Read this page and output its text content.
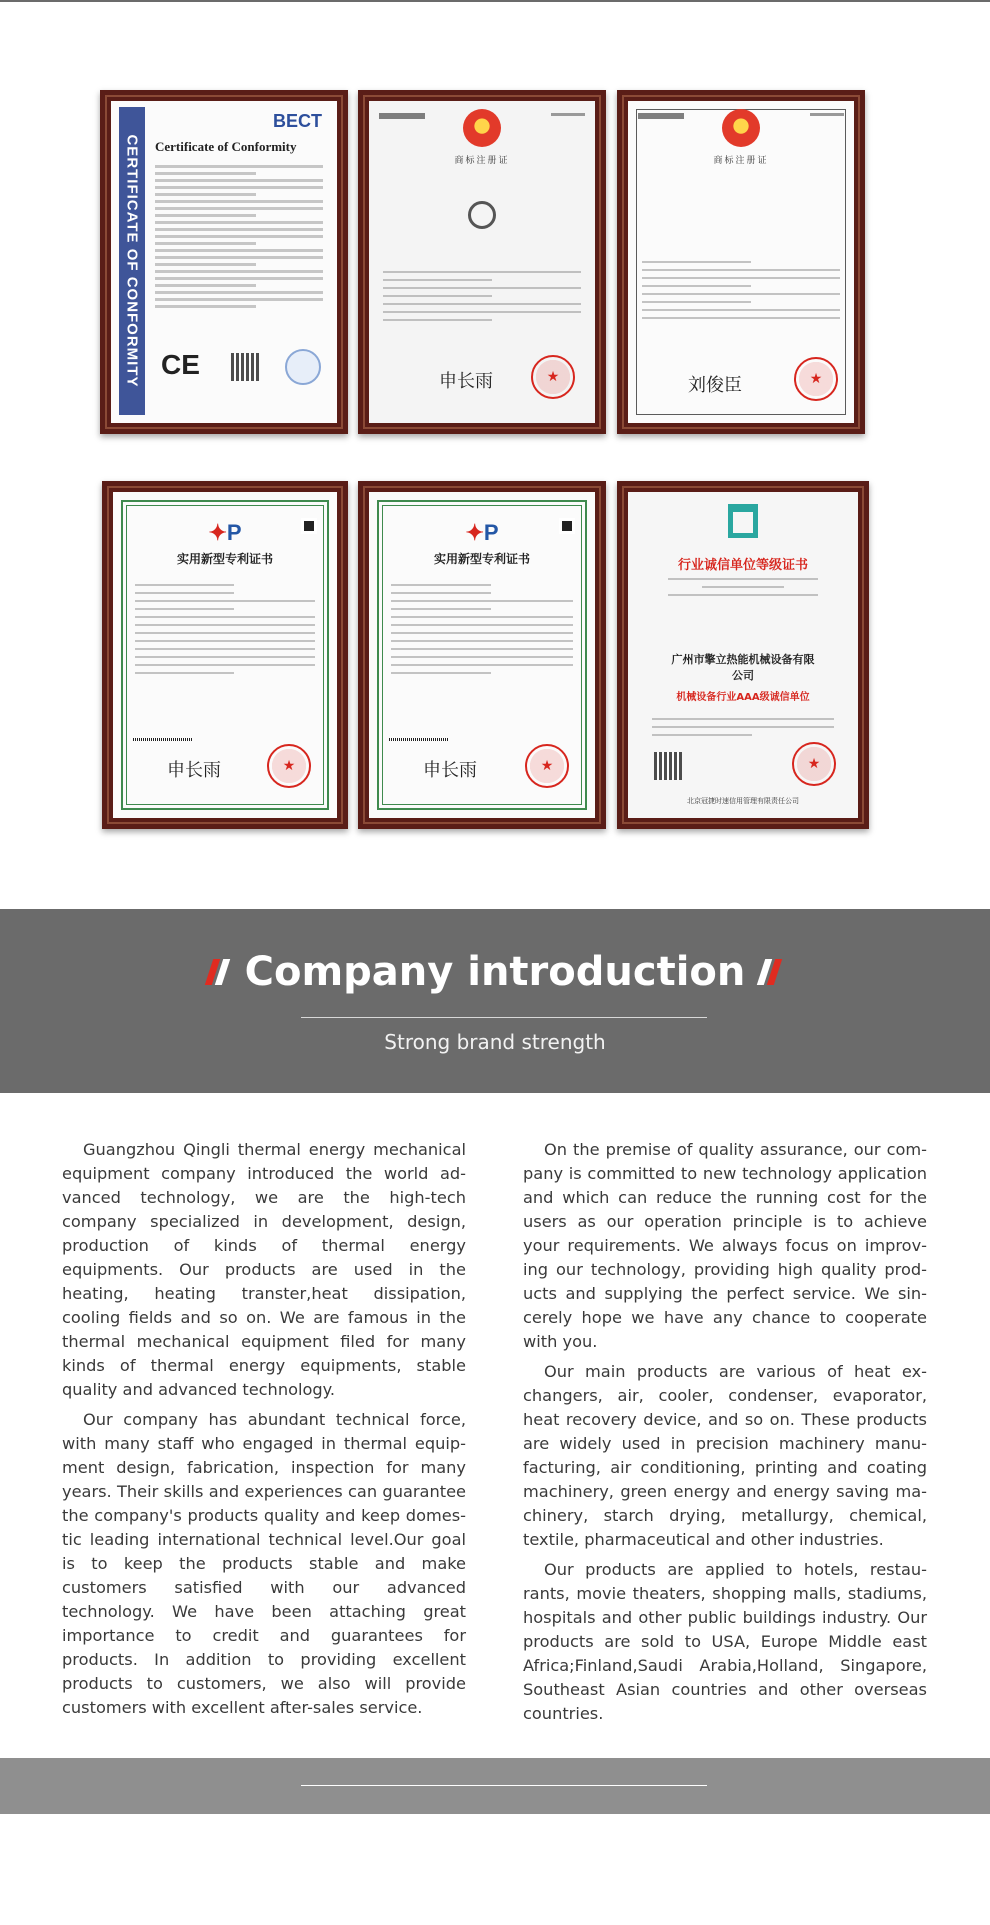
CERTIFICATE OF CONFORMITY
BECT
Certificate of Conformity
CE
商标注册证
申长雨
★
商标注册证
刘俊臣
★
✦P
实用新型专利证书
申长雨
★
✦P
实用新型专利证书
申长雨
★
行业诚信单位等级证书
广州市擎立热能机械设备有限公司
机械设备行业AAA级诚信单位
★
北京冠捷时速信用管理有限责任公司
Company introduction
Strong brand strength

Guangzhou Qingli thermal energy mechanical equipment company introduced the world advanced technology, we are the high-tech company specialized in development, design, production of kinds of thermal energy equipments. Our products are used in the heating, heating transter,heat dissipation, cooling fields and so on. We are famous in the thermal mechanical equipment filed for many kinds of thermal energy equipments, stable quality and advanced technology.

Our company has abundant technical force, with many staff who engaged in thermal equipment design, fabrication, inspection for many years. Their skills and experiences can guarantee the company's products quality and keep domestic leading international technical level.Our goal is to keep the products stable and make customers satisfied with our advanced technology. We have been attaching great importance to credit and guarantees for products. In addition to providing excellent products to customers, we also will provide customers with excellent after-sales service.

On the premise of quality assurance, our company is committed to new technology application and which can reduce the running cost for the users as our operation principle is to achieve your requirements. We always focus on improving our technology, providing high quality products and supplying the perfect service. We sincerely hope we have any chance to cooperate with you.

Our main products are various of heat exchangers, air, cooler, condenser, evaporator, heat recovery device, and so on. These products are widely used in precision machinery manufacturing, air conditioning, printing and coating machinery, green energy and energy saving machinery, starch drying, metallurgy, chemical, textile, pharmaceutical and other industries.

Our products are applied to hotels, restaurants, movie theaters, shopping malls, stadiums, hospitals and other public buildings industry. Our products are sold to USA, Europe Middle east Africa;Finland,Saudi Arabia,Holland, Singapore, Southeast Asian countries and other overseas countries.
